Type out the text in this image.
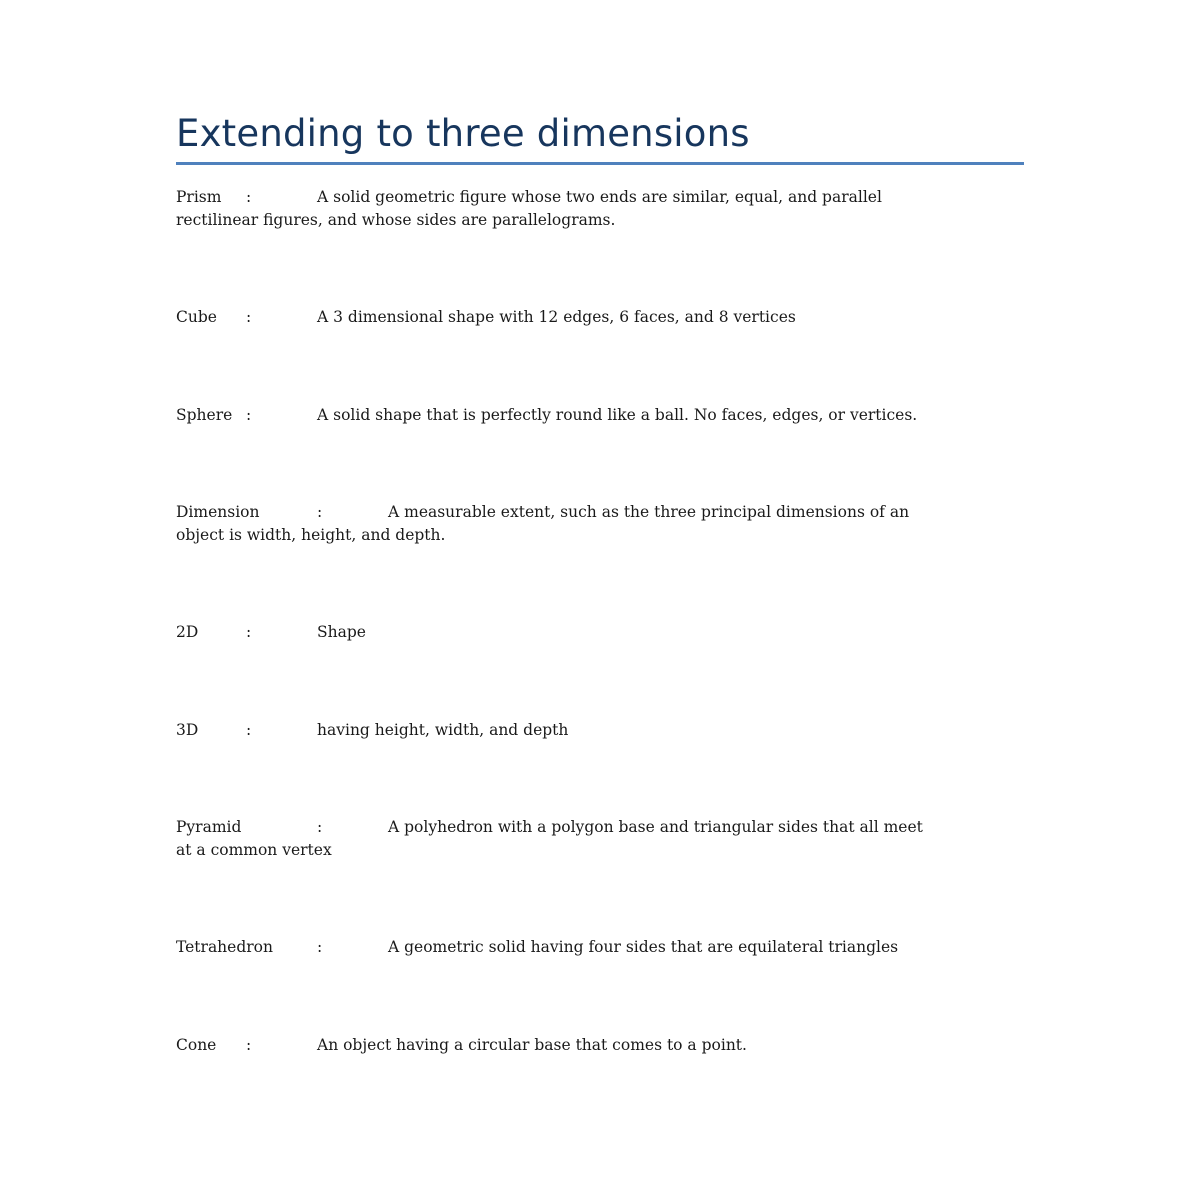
Extending to three dimensions
Prism :	A solid geometric figure whose two ends are similar, equal, and parallel
rectilinear figures, and whose sides are parallelograms.
Cube :	A 3 dimensional shape with 12 edges, 6 faces, and 8 vertices
Sphere :	A solid shape that is perfectly round like a ball. No faces, edges, or vertices.
Dimension	:	A measurable extent, such as the three principal dimensions of an
object is width, height, and depth.
2D	:	Shape
3D	:	having height, width, and depth
Pyramid	:	A polyhedron with a polygon base and triangular sides that all meet
at a common vertex
Tetrahedron	:	A geometric solid having four sides that are equilateral triangles
Cone :	An object having a circular base that comes to a point.
